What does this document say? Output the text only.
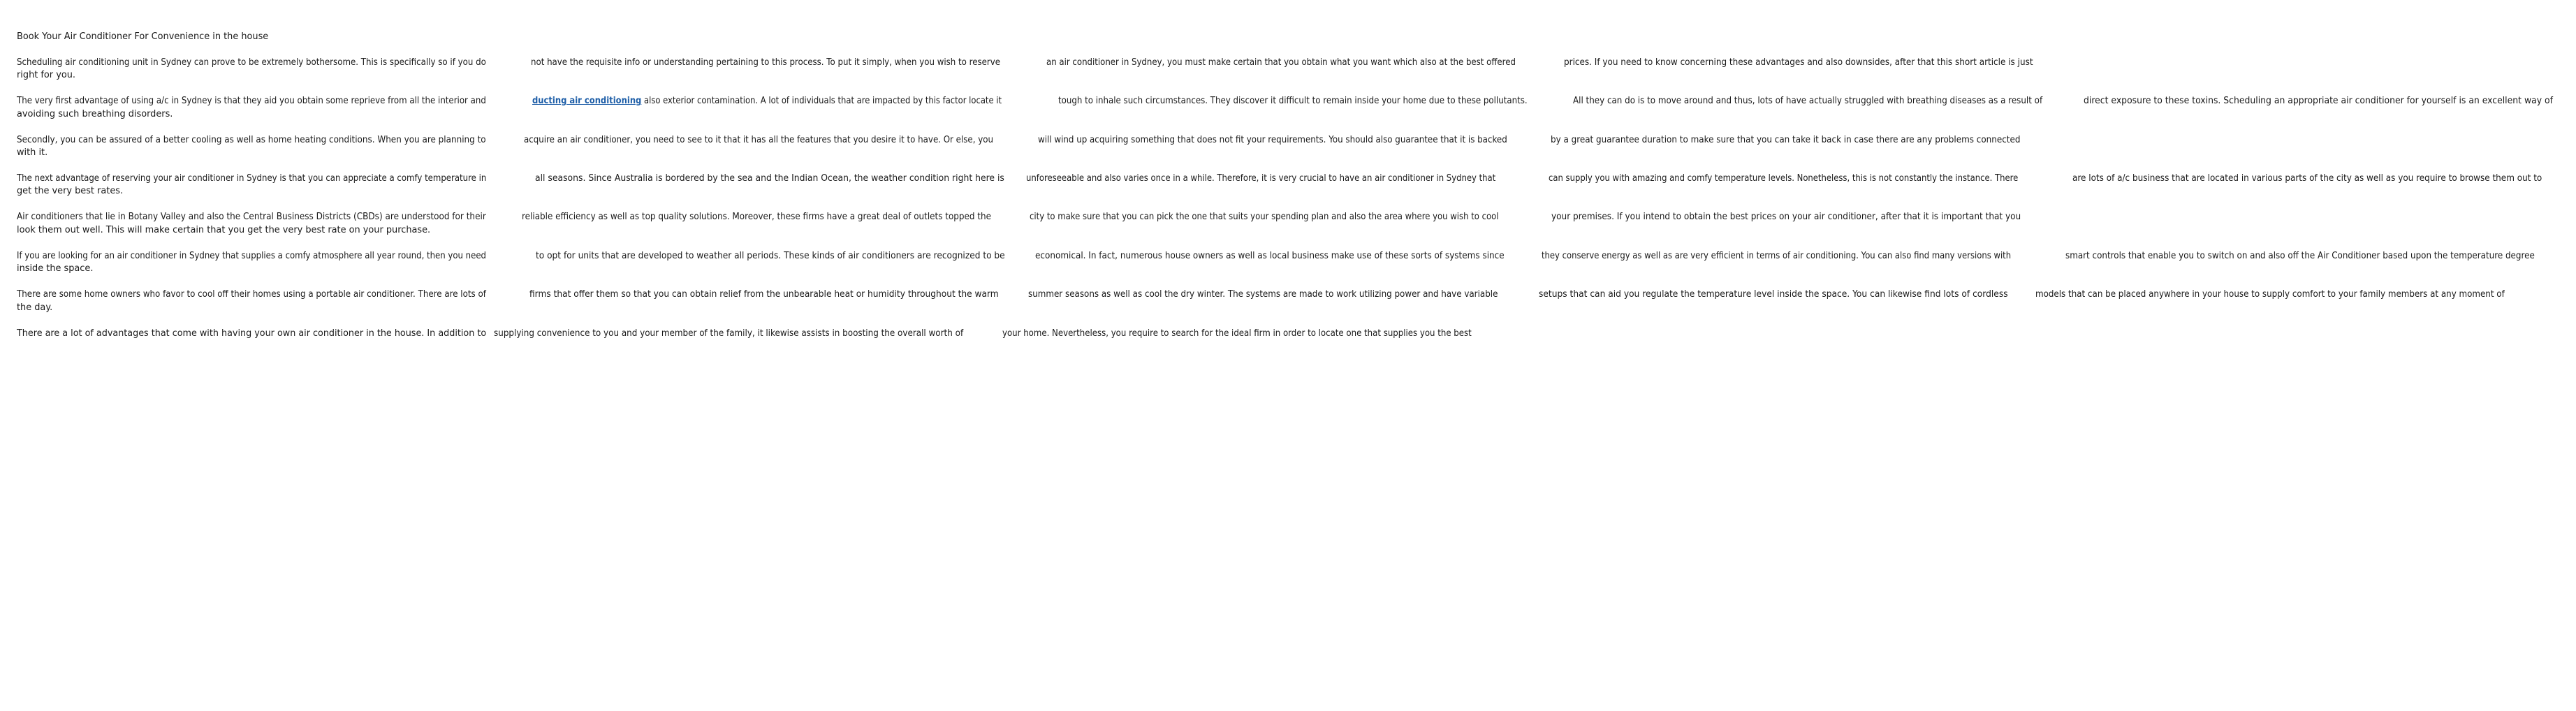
Book Your Air Conditioner For Convenience in the house

Scheduling air conditioning unit in Sydney can prove to be extremely bothersome. This is specifically so if you do	not have the requisite info or understanding pertaining to this process. To put it simply, when you wish to reserve	an air conditioner in Sydney, you must make certain that you obtain what you want which also at the best offered	prices. If you need to know concerning these advantages and also downsides, after that this short article is just
right for you.

The very first advantage of using a/c in Sydney is that they aid you obtain some reprieve from all the interior and	ducting air conditioning also exterior contamination. A lot of individuals that are impacted by this factor locate it	tough to inhale such circumstances. They discover it difficult to remain inside your home due to these pollutants.	All they can do is to move around and thus, lots of have actually struggled with breathing diseases as a result of	direct exposure to these toxins. Scheduling an appropriate air conditioner for yourself is an excellent way of
avoiding such breathing disorders.

Secondly, you can be assured of a better cooling as well as home heating conditions. When you are planning to	acquire an air conditioner, you need to see to it that it has all the features that you desire it to have. Or else, you	will wind up acquiring something that does not fit your requirements. You should also guarantee that it is backed	by a great guarantee duration to make sure that you can take it back in case there are any problems connected
with it.

The next advantage of reserving your air conditioner in Sydney is that you can appreciate a comfy temperature in	all seasons. Since Australia is bordered by the sea and the Indian Ocean, the weather condition right here is unforeseeable and also varies once in a while. Therefore, it is very crucial to have an air conditioner in Sydney that	can supply you with amazing and comfy temperature levels. Nonetheless, this is not constantly the instance. There	are lots of a/c business that are located in various parts of the city as well as you require to browse them out to
get the very best rates.

Air conditioners that lie in Botany Valley and also the Central Business Districts (CBDs) are understood for their	reliable efficiency as well as top quality solutions. Moreover, these firms have a great deal of outlets topped the	city to make sure that you can pick the one that suits your spending plan and also the area where you wish to cool	your premises. If you intend to obtain the best prices on your air conditioner, after that it is important that you
look them out well. This will make certain that you get the very best rate on your purchase.

If you are looking for an air conditioner in Sydney that supplies a comfy atmosphere all year round, then you need	to opt for units that are developed to weather all periods. These kinds of air conditioners are recognized to be	economical. In fact, numerous house owners as well as local business make use of these sorts of systems since	they conserve energy as well as are very efficient in terms of air conditioning. You can also find many versions with	smart controls that enable you to switch on and also off the Air Conditioner based upon the temperature degree
inside the space.

There are some home owners who favor to cool off their homes using a portable air conditioner. There are lots of	firms that offer them so that you can obtain relief from the unbearable heat or humidity throughout the warm	summer seasons as well as cool the dry winter. The systems are made to work utilizing power and have variable	setups that can aid you regulate the temperature level inside the space. You can likewise find lots of cordless	models that can be placed anywhere in your house to supply comfort to your family members at any moment of
the day.

There are a lot of advantages that come with having your own air conditioner in the house. In addition to supplying convenience to you and your member of the family, it likewise assists in boosting the overall worth of	your home. Nevertheless, you require to search for the ideal firm in order to locate one that supplies you the best
